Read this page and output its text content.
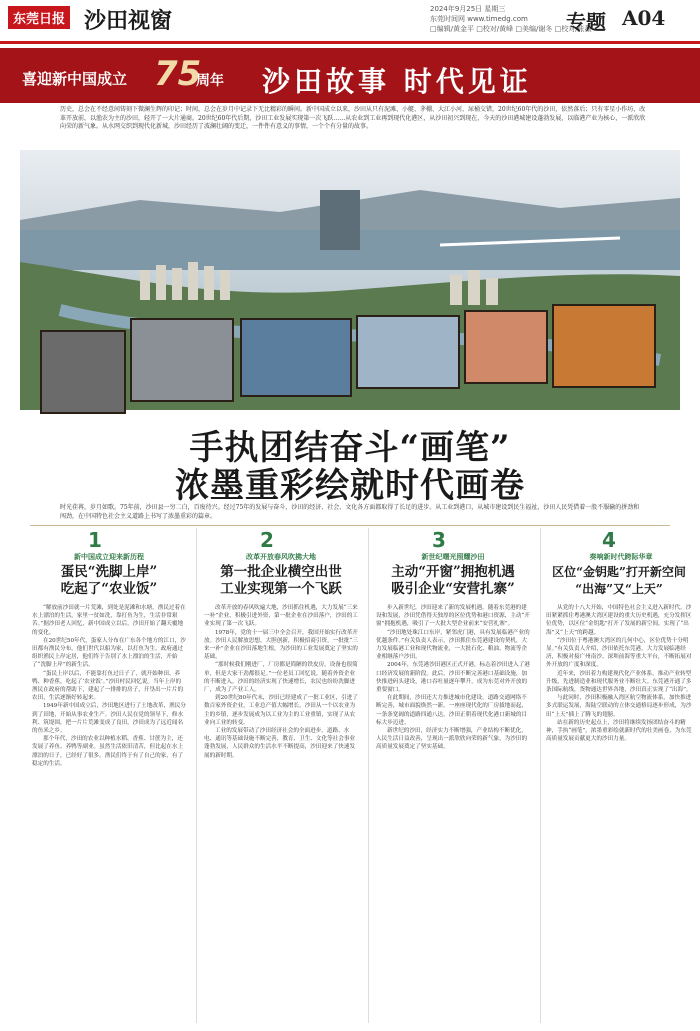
东莞日报 沙田视窗	2024年9月25日 星期三
东莞时间网 www.timedg.com
□编辑/黄金平 □校对/黄峰 □美编/谢冬 □校对/张薇
专题 A04
喜迎新中国成立 75
周年 沙田故事 时代见证
历史，总会在不经意间铸刻下微澜生辉的印记；时间，总会在岁月中记录下无比精彩的瞬间。新中国成立以来，沙田从只有泥滩、小艇、茅棚、大江小河、尿桶交错，20世纪60年代的沙田，依然落后；只有零星小作坊，改革开放前，以渔农为主的沙田，轻开了一大片通商。20世纪60年代后期，沙田工业发展实现第一次飞跃……从农业到工业再到现代化港区，从沙田初兴到现在，今天的沙田港城建设蓬勃发展，以临港产业为核心，一派欣欣向荣的新气象。从水网交织到现代化新城，沙田经历了波澜壮阔的变迁，一件件有意义的事情，一个个有分量的故事。
手执团结奋斗“画笔”
浓墨重彩绘就时代画卷
时光荏苒，岁月如歌。75年前，沙田县一穷二白，百废待兴。经过75年的发展与奋斗，沙田的经济、社会、文化各方面都取得了长足的进步。从工业到港口，从城市建设到民生福祉，沙田人民凭借着一股不服输的拼劲和闯劲，在中国特色社会主义道路上书写了浓墨重彩的篇章。
1
新中国成立迎来新历程
蛋民“洗脚上岸”
吃起了“农业饭”

“解放前沙田就一片荒滩，到处是泥滩和水塘，渔民过着在水上漂泊的生活，家里一贫如洗，靠打鱼为生，生活非常艰苦。”据沙田老人回忆，新中国成立以后，沙田开始了翻天覆地的变化。

在20世纪50年代，蛋家人分布在广东各个地方的江口，沙田都有渔民分布，他们世代以船为家，以打鱼为生。政府通过组织渔民上岸定居，他们终于告别了水上漂泊的生活，开始了“洗脚上岸”的新生活。

“蛋民上岸以后，不能靠打鱼过日子了，就开始种田、养鸭、种香蕉，吃起了‘农业饭’。”沙田村民回忆说。当年上岸的渔民在政府的帮助下，建起了一排排的房子，开垦出一片片的农田，生活逐渐好转起来。

1949年新中国成立后，沙田地区进行了土地改革，渔民分到了田地，开始从事农业生产。沙田人民在党的领导下，修水利、筑堤围，把一片片荒滩变成了良田，沙田成为了远近闻名的鱼米之乡。

那个年代，沙田的农业以种植水稻、香蕉、甘蔗为主，还发展了养鱼、养鸭等副业。虽然生活依旧清苦，但比起在水上漂泊的日子，已经好了很多。渔民们终于有了自己的家，有了稳定的生活。

2
改革开放春风吹拂大地
第一批企业横空出世
工业实现第一个飞跃

改革开放的春风吹遍大地，沙田抓住机遇，大力发展“三来一补”企业，积极引进外资，第一批企业在沙田落户，沙田的工业实现了第一次飞跃。

1978年，党的十一届三中全会召开，我国开始实行改革开放。沙田人民解放思想，大胆创新，积极招商引资，一批批“三来一补”企业在沙田落地生根，为沙田的工业发展奠定了坚实的基础。

“那时候我们刚进厂，厂房都是简陋的铁皮房，设备也很简单，但是大家干劲都很足。”一位老员工回忆说。随着外资企业的不断进入，沙田的经济实现了快速增长，农民也纷纷洗脚进厂，成为了产业工人。

到20世纪80年代末，沙田已经建成了一批工业区，引进了数百家外资企业，工业总产值大幅增长。沙田从一个以农业为主的乡镇，逐步发展成为以工业为主的工业重镇，实现了从农业向工业的转变。

工业的发展带动了沙田经济社会的全面进步。道路、水电、通讯等基础设施不断完善，教育、卫生、文化等社会事业蓬勃发展，人民群众的生活水平不断提高，沙田迎来了快速发展的新时期。

3
新世纪曙光照耀沙田
主动“开窗”拥抱机遇
吸引企业“安营扎寨”

步入新世纪，沙田迎来了新的发展机遇。随着东莞港的建设和发展，沙田凭借得天独厚的区位优势和港口资源，主动“开窗”拥抱机遇，吸引了一大批大型企业前来“安营扎寨”。

“沙田地处珠江口东岸，紧邻虎门港，具有发展临港产业的优越条件。”有关负责人表示，沙田抓住东莞港建设的契机，大力发展临港工业和现代物流业，一大批石化、粮油、物流等企业相继落户沙田。

2004年，东莞港沙田港区正式开港，标志着沙田进入了港口经济发展的新阶段。此后，沙田不断完善港口基础设施，加快推进码头建设，港口吞吐量逐年攀升，成为东莞对外开放的重要窗口。

在此期间，沙田还大力推进城市化建设，道路交通网络不断完善，城市面貌焕然一新。一座座现代化的厂房拔地而起，一条条宽阔的道路四通八达，沙田正朝着现代化港口新城的目标大步迈进。

新世纪的沙田，经济实力不断增强，产业结构不断优化，人民生活日益改善，呈现出一派欣欣向荣的新气象，为沙田的高质量发展奠定了坚实基础。

4
奏响新时代跨际华章
区位“金钥匙”打开新空间 “出海”又“上天”

从党的十八大开始，中国特色社会主义进入新时代。沙田紧紧抓住粤港澳大湾区建设的重大历史机遇，充分发挥区位优势，以区位“金钥匙”打开了发展的新空间，实现了“出海”又“上天”的跨越。

“沙田位于粤港澳大湾区的几何中心，区位优势十分明显。”有关负责人介绍，沙田依托东莞港，大力发展临港经济，积极对接广州南沙、深圳前海等重大平台，不断拓展对外开放的广度和深度。

近年来，沙田着力构建现代化产业体系，推动产业转型升级，先进制造业和现代服务业不断壮大。东莞港开通了多条国际航线，货物通达世界各地，沙田真正实现了“出海”。

与此同时，沙田积极融入湾区航空物流体系，加快推进多式联运发展，海陆空联动的立体交通格局逐步形成，为沙田“上天”插上了腾飞的翅膀。

站在新的历史起点上，沙田将继续发扬团结奋斗的精神，手执“画笔”，浓墨重彩绘就新时代的壮美画卷，为东莞高质量发展贡献更大的沙田力量。
